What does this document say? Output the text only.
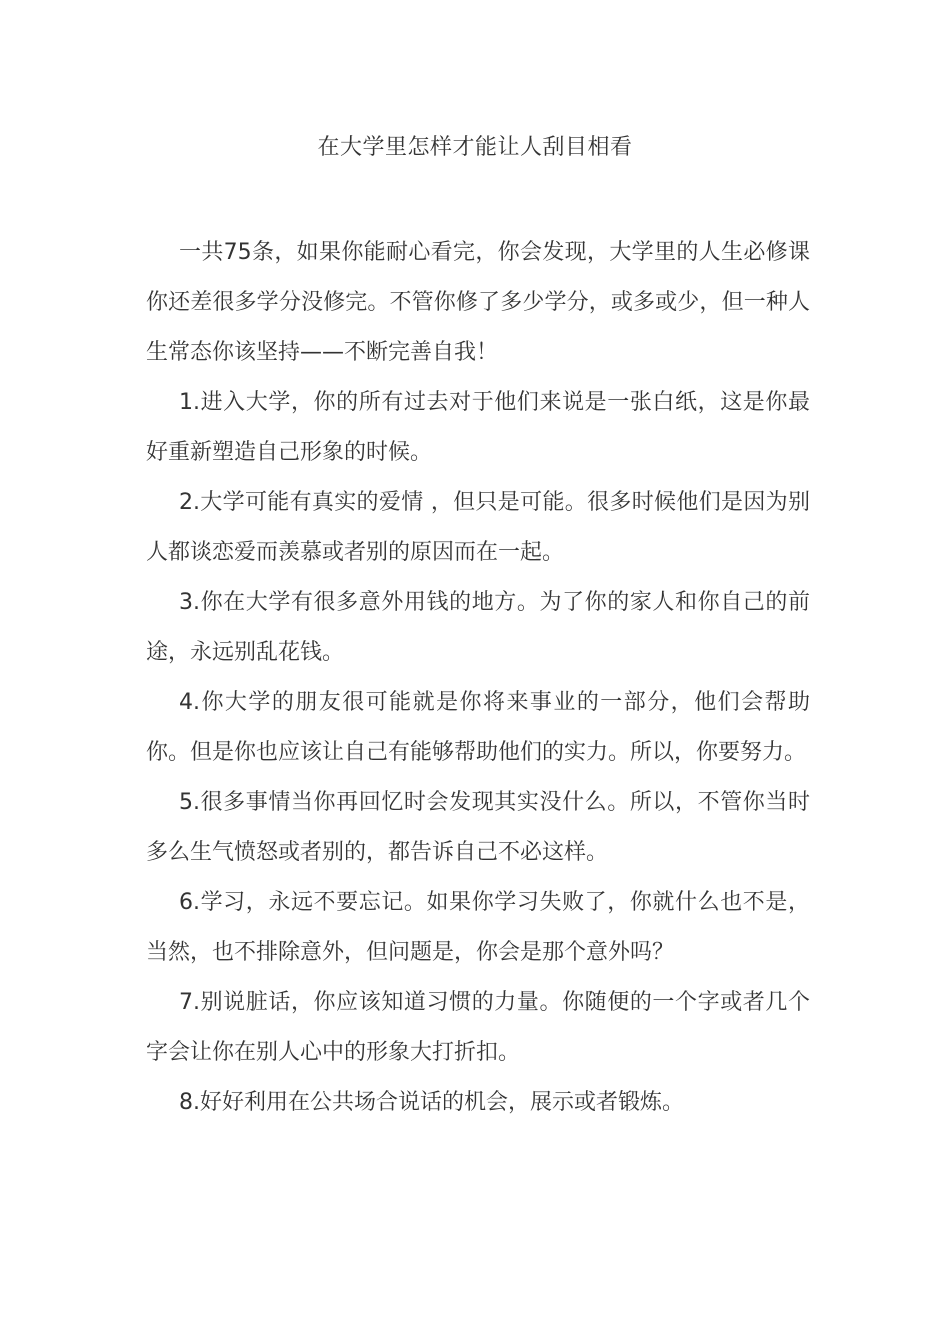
在大学里怎样才能让人刮目相看

一共75条，如果你能耐心看完，你会发现，大学里的人生必修课你还差很多学分没修完。不管你修了多少学分，或多或少，但一种人生常态你该坚持——不断完善自我！

1.进入大学，你的所有过去对于他们来说是一张白纸，这是你最好重新塑造自己形象的时候。

2.大学可能有真实的爱情 ，但只是可能。很多时候他们是因为别人都谈恋爱而羡慕或者别的原因而在一起。

3.你在大学有很多意外用钱的地方。为了你的家人和你自己的前途，永远别乱花钱。

4.你大学的朋友很可能就是你将来事业的一部分，他们会帮助你。但是你也应该让自己有能够帮助他们的实力。所以，你要努力。

5.很多事情当你再回忆时会发现其实没什么。所以，不管你当时多么生气愤怒或者别的，都告诉自己不必这样。

6.学习，永远不要忘记。如果你学习失败了，你就什么也不是，当然，也不排除意外，但问题是，你会是那个意外吗？

7.别说脏话，你应该知道习惯的力量。你随便的一个字或者几个字会让你在别人心中的形象大打折扣。

8.好好利用在公共场合说话的机会，展示或者锻炼。
